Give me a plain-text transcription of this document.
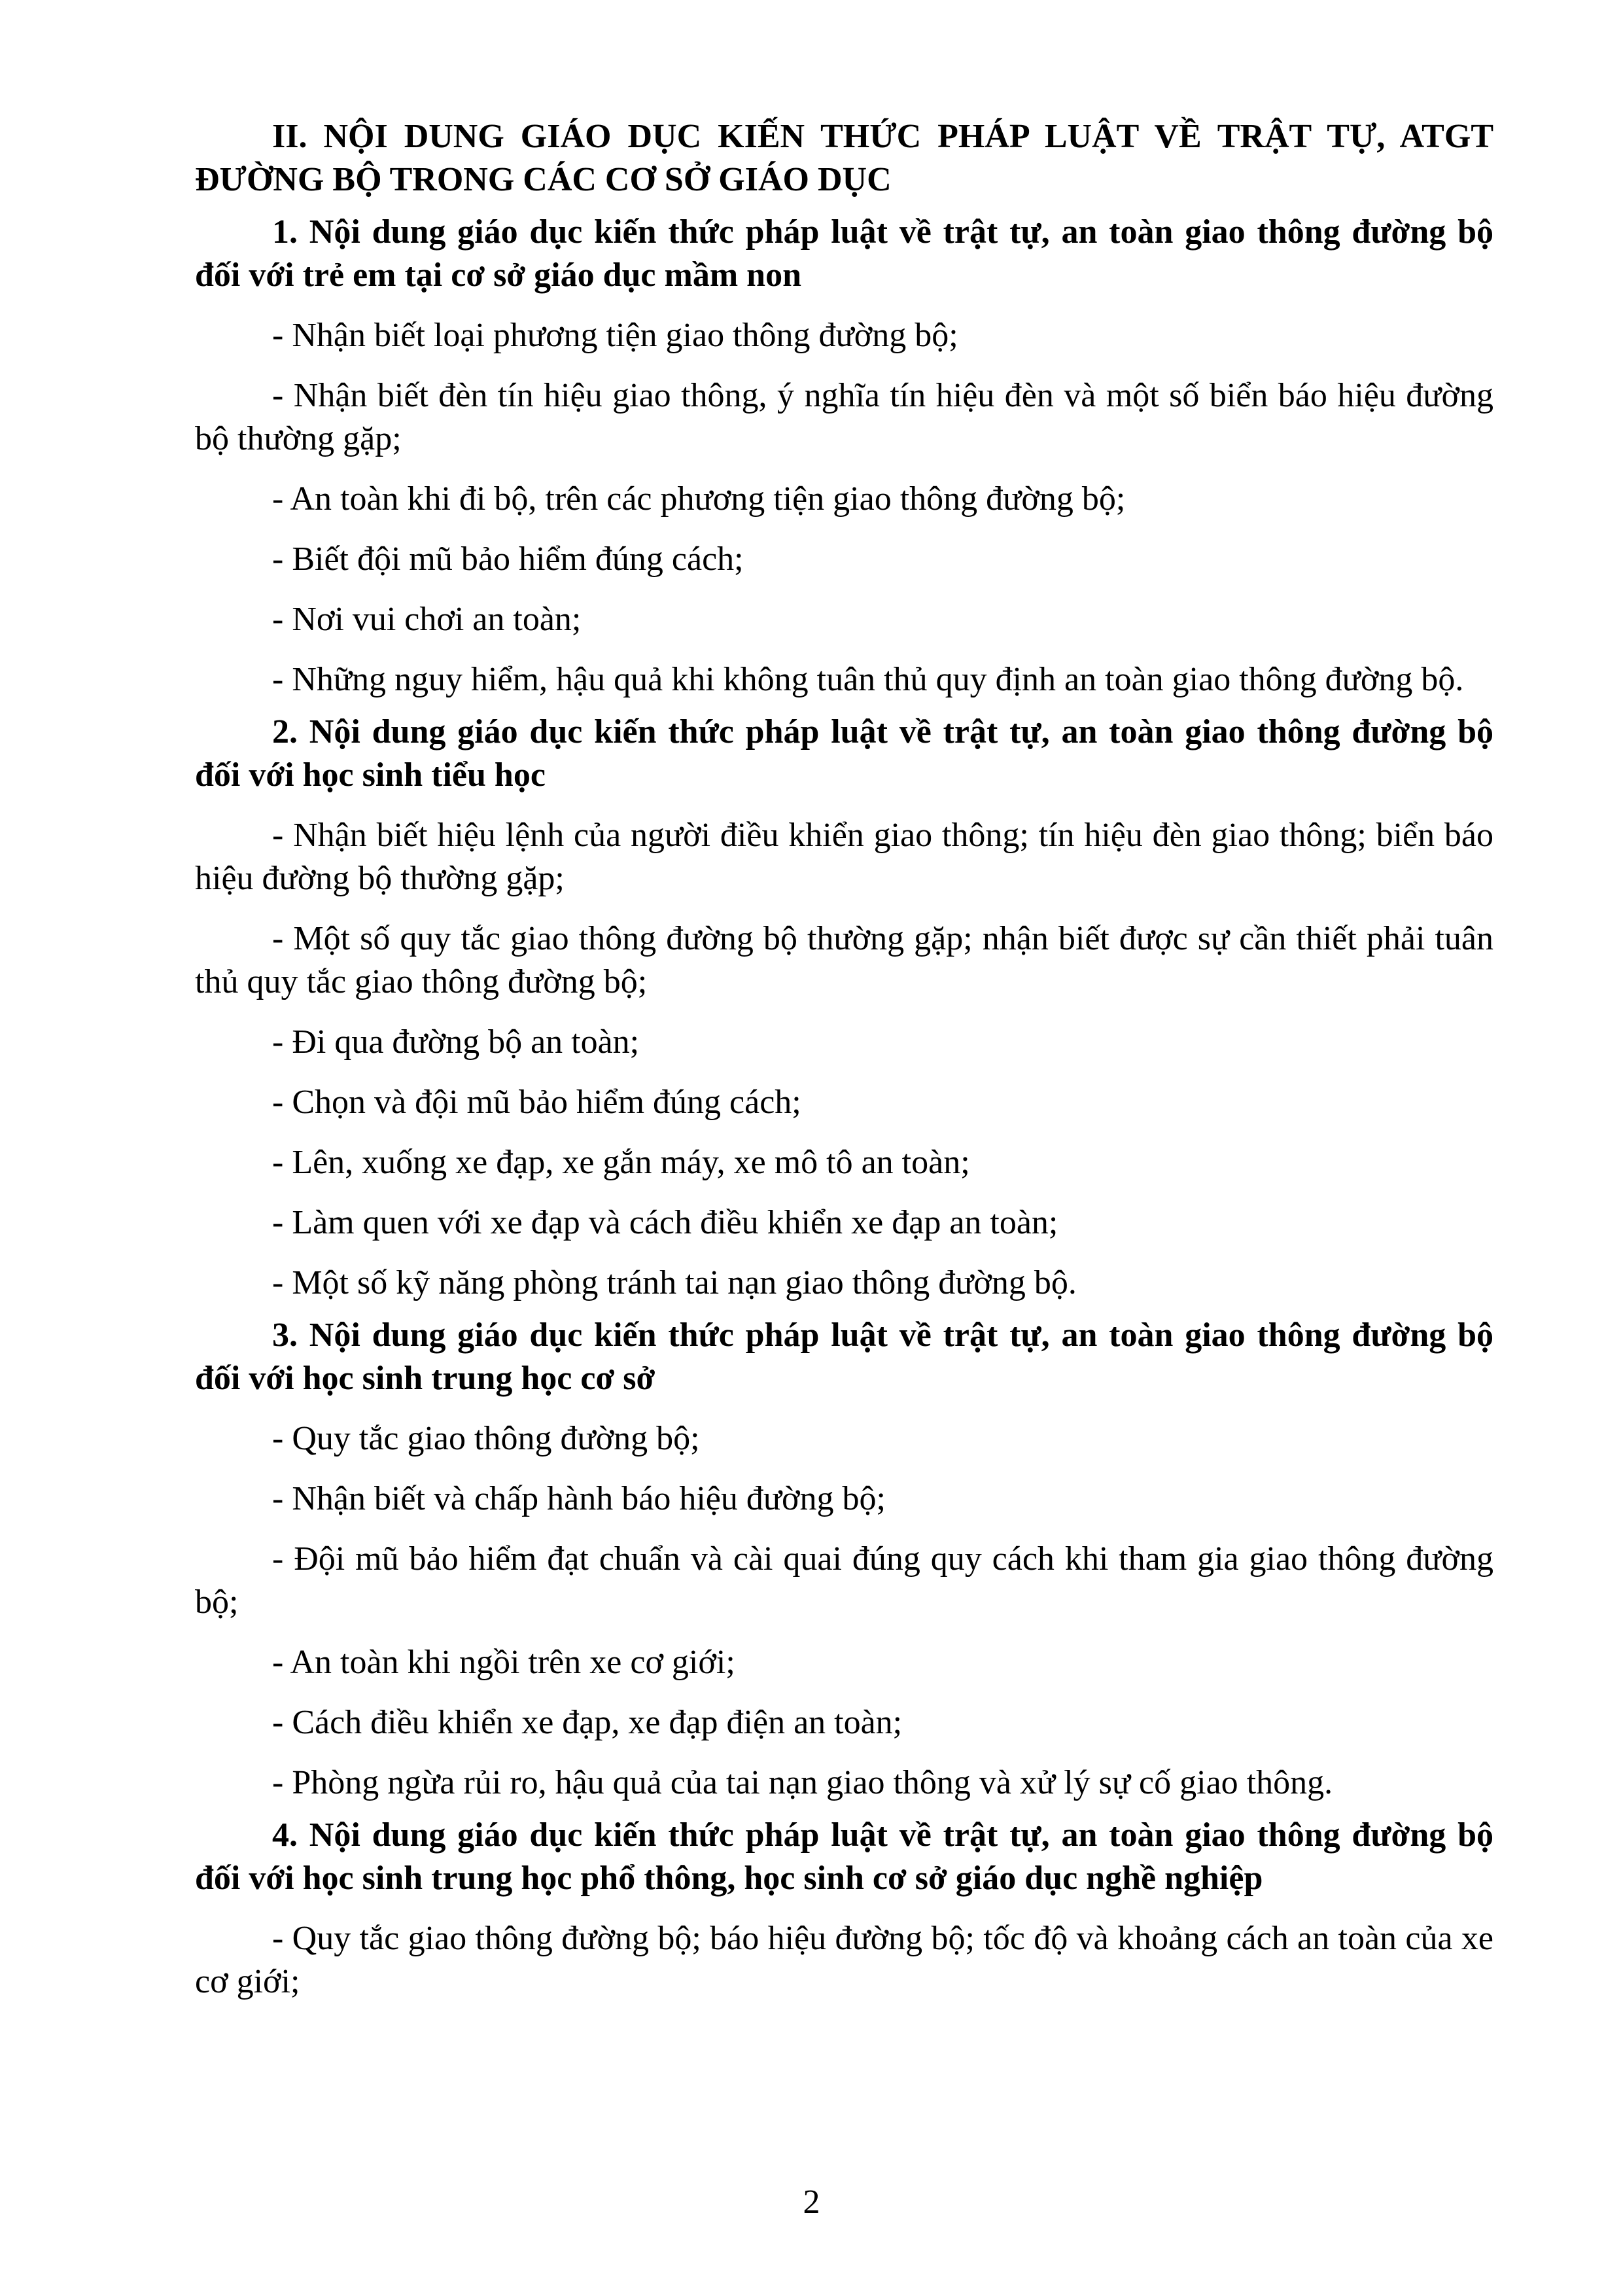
II. NỘI DUNG GIÁO DỤC KIẾN THỨC PHÁP LUẬT VỀ TRẬT TỰ, ATGT ĐƯỜNG BỘ TRONG CÁC CƠ SỞ GIÁO DỤC

1. Nội dung giáo dục kiến thức pháp luật về trật tự, an toàn giao thông đường bộ đối với trẻ em tại cơ sở giáo dục mầm non

- Nhận biết loại phương tiện giao thông đường bộ;

- Nhận biết đèn tín hiệu giao thông, ý nghĩa tín hiệu đèn và một số biển báo hiệu đường bộ thường gặp;

- An toàn khi đi bộ, trên các phương tiện giao thông đường bộ;

- Biết đội mũ bảo hiểm đúng cách;

- Nơi vui chơi an toàn;

- Những nguy hiểm, hậu quả khi không tuân thủ quy định an toàn giao thông đường bộ.

2. Nội dung giáo dục kiến thức pháp luật về trật tự, an toàn giao thông đường bộ đối với học sinh tiểu học

- Nhận biết hiệu lệnh của người điều khiển giao thông; tín hiệu đèn giao thông; biển báo hiệu đường bộ thường gặp;

- Một số quy tắc giao thông đường bộ thường gặp; nhận biết được sự cần thiết phải tuân thủ quy tắc giao thông đường bộ;

- Đi qua đường bộ an toàn;

- Chọn và đội mũ bảo hiểm đúng cách;

- Lên, xuống xe đạp, xe gắn máy, xe mô tô an toàn;

- Làm quen với xe đạp và cách điều khiển xe đạp an toàn;

- Một số kỹ năng phòng tránh tai nạn giao thông đường bộ.

3. Nội dung giáo dục kiến thức pháp luật về trật tự, an toàn giao thông đường bộ đối với học sinh trung học cơ sở

- Quy tắc giao thông đường bộ;

- Nhận biết và chấp hành báo hiệu đường bộ;

- Đội mũ bảo hiểm đạt chuẩn và cài quai đúng quy cách khi tham gia giao thông đường bộ;

- An toàn khi ngồi trên xe cơ giới;

- Cách điều khiển xe đạp, xe đạp điện an toàn;

- Phòng ngừa rủi ro, hậu quả của tai nạn giao thông và xử lý sự cố giao thông.

4. Nội dung giáo dục kiến thức pháp luật về trật tự, an toàn giao thông đường bộ đối với học sinh trung học phổ thông, học sinh cơ sở giáo dục nghề nghiệp

- Quy tắc giao thông đường bộ; báo hiệu đường bộ; tốc độ và khoảng cách an toàn của xe cơ giới;

2
